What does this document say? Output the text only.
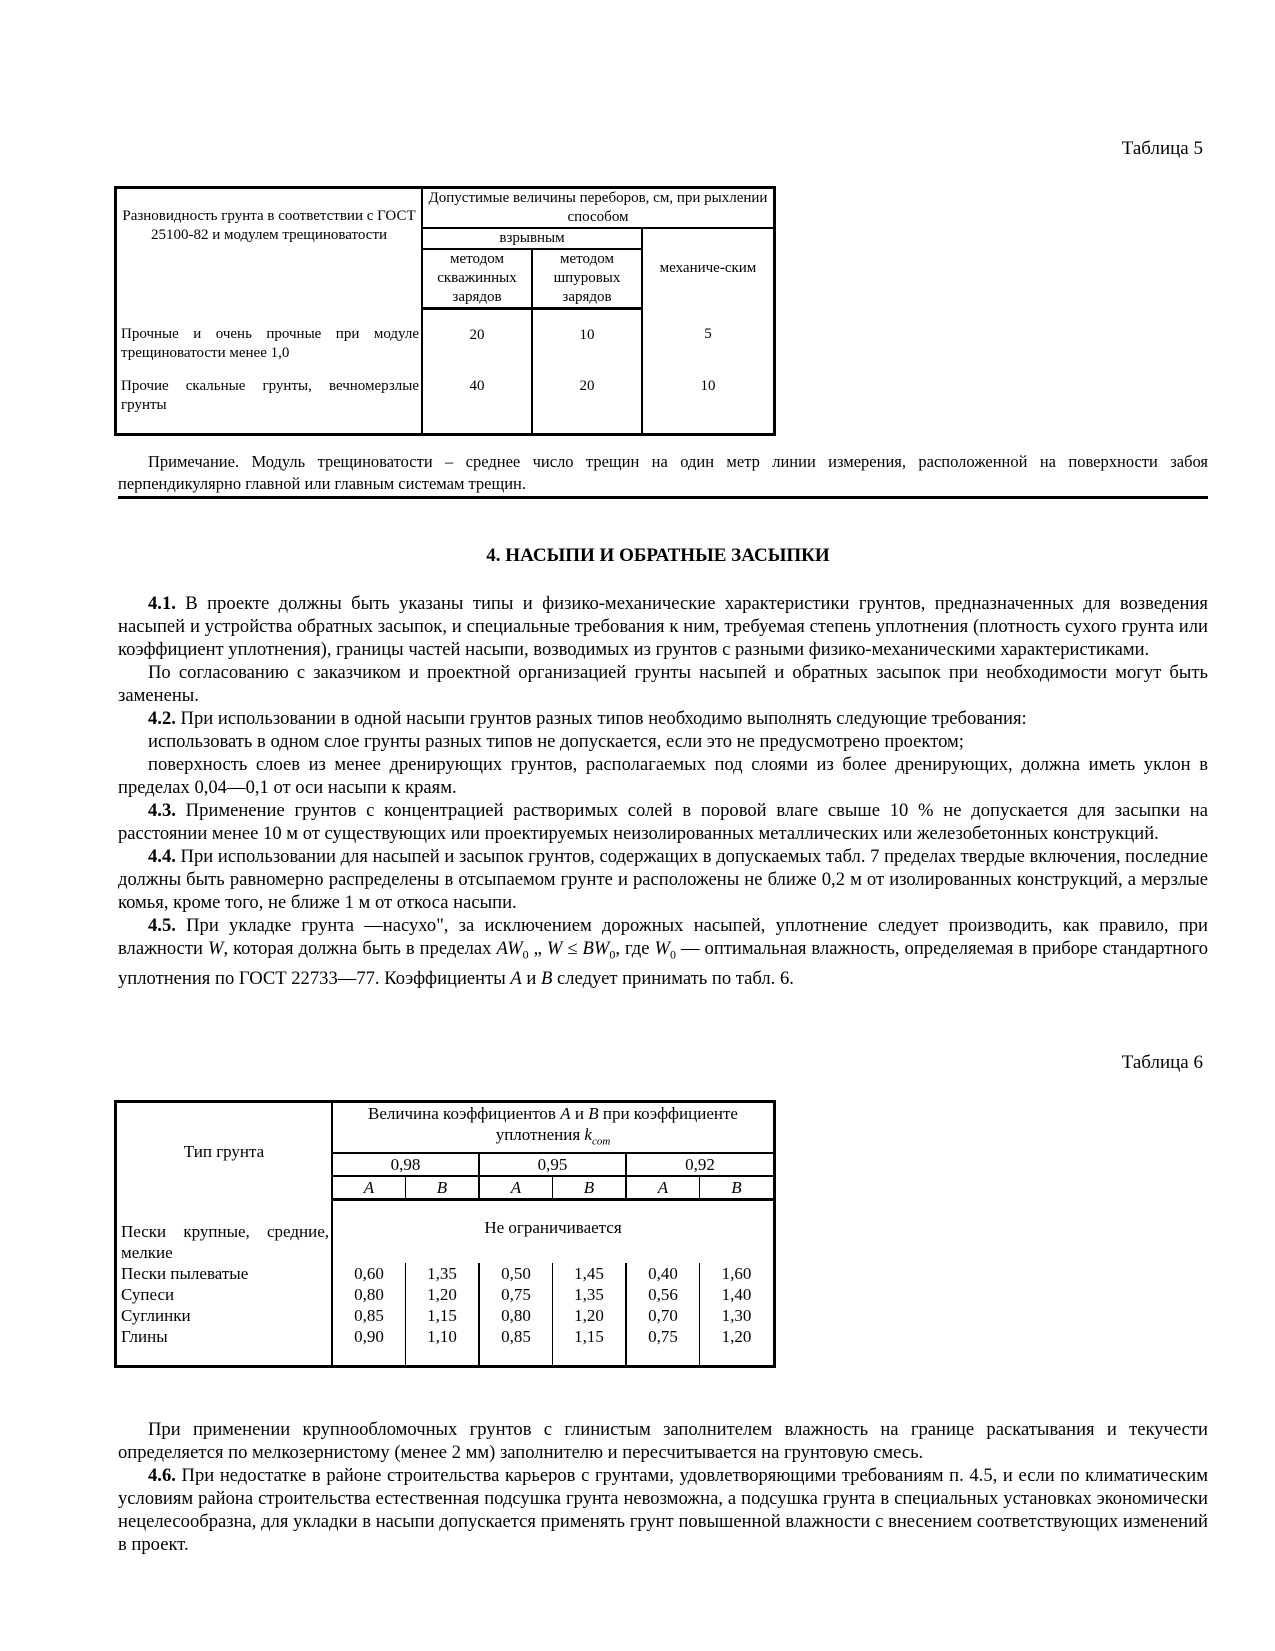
Таблица 5
Разновидность грунта в соответствии с ГОСТ 25100-82 и модулем трещиноватости	Допустимые величины переборов, см, при рыхлении способом		
	взрывным		механиче-ским
	методом скважинных зарядов	методом шпуровых зарядов	
Прочные и очень прочные при модуле трещиноватости менее 1,0	20	10	5
Прочие скальные грунты, вечномерзлые грунты	40	20	10
Примечание. Модуль трещиноватости – среднее число трещин на один метр линии измерения, расположенной на поверхности забоя перпендикулярно главной или главным системам трещин.
4. НАСЫПИ И ОБРАТНЫЕ ЗАСЫПКИ

4.1. В проекте должны быть указаны типы и физико-механические характеристики грунтов, предназначенных для возведения насыпей и устройства обратных засыпок, и специальные требования к ним, требуемая степень уплотнения (плотность сухого грунта или коэффициент уплотнения), границы частей насыпи, возводимых из грунтов с разными физико-механическими характеристиками.

По согласованию с заказчиком и проектной организацией грунты насыпей и обратных засыпок при необходимости могут быть заменены.

4.2. При использовании в одной насыпи грунтов разных типов необходимо выполнять следующие требования:

использовать в одном слое грунты разных типов не допускается, если это не предусмотрено проектом;

поверхность слоев из менее дренирующих грунтов, располагаемых под слоями из более дренирующих, должна иметь уклон в пределах 0,04—0,1 от оси насыпи к краям.

4.3. Применение грунтов с концентрацией растворимых солей в поровой влаге свыше 10 % не допускается для засыпки на расстоянии менее 10 м от существующих или проектируемых неизолированных металлических или железобетонных конструкций.

4.4. При использовании для насыпей и засыпок грунтов, содержащих в допускаемых табл. 7 пределах твердые включения, последние должны быть равномерно распределены в отсыпаемом грунте и расположены не ближе 0,2 м от изолированных конструкций, а мерзлые комья, кроме того, не ближе 1 м от откоса насыпи.

4.5. При укладке грунта ―насухо", за исключением дорожных насыпей, уплотнение следует производить, как правило, при влажности W, которая должна быть в пределах $AW_0$ „ $W \le BW_0$, где $W_0$ — оптимальная влажность, определяемая в приборе стандартного уплотнения по ГОСТ 22733—77. Коэффициенты A и B следует принимать по табл. 6.

Таблица 6
Тип грунта	Величина коэффициентов A и B при коэффициенте уплотнения $k_{com}$
	0,98		0,95		0,92	
	A	B	A	B	A	B
Пески крупные, средние, мелкие	Не ограничивается					
Пески пылеватые	0,60	1,35	0,50	1,45	0,40	1,60
Супеси	0,80	1,20	0,75	1,35	0,56	1,40
Суглинки	0,85	1,15	0,80	1,20	0,70	1,30
Глины	0,90	1,10	0,85	1,15	0,75	1,20

При применении крупнообломочных грунтов с глинистым заполнителем влажность на границе раскатывания и текучести определяется по мелкозернистому (менее 2 мм) заполнителю и пересчитывается на грунтовую смесь.

4.6. При недостатке в районе строительства карьеров с грунтами, удовлетворяющими требованиям п. 4.5, и если по климатическим условиям района строительства естественная подсушка грунта невозможна, а подсушка грунта в специальных установках экономически нецелесообразна, для укладки в насыпи допускается применять грунт повышенной влажности с внесением соответствующих изменений в проект.
